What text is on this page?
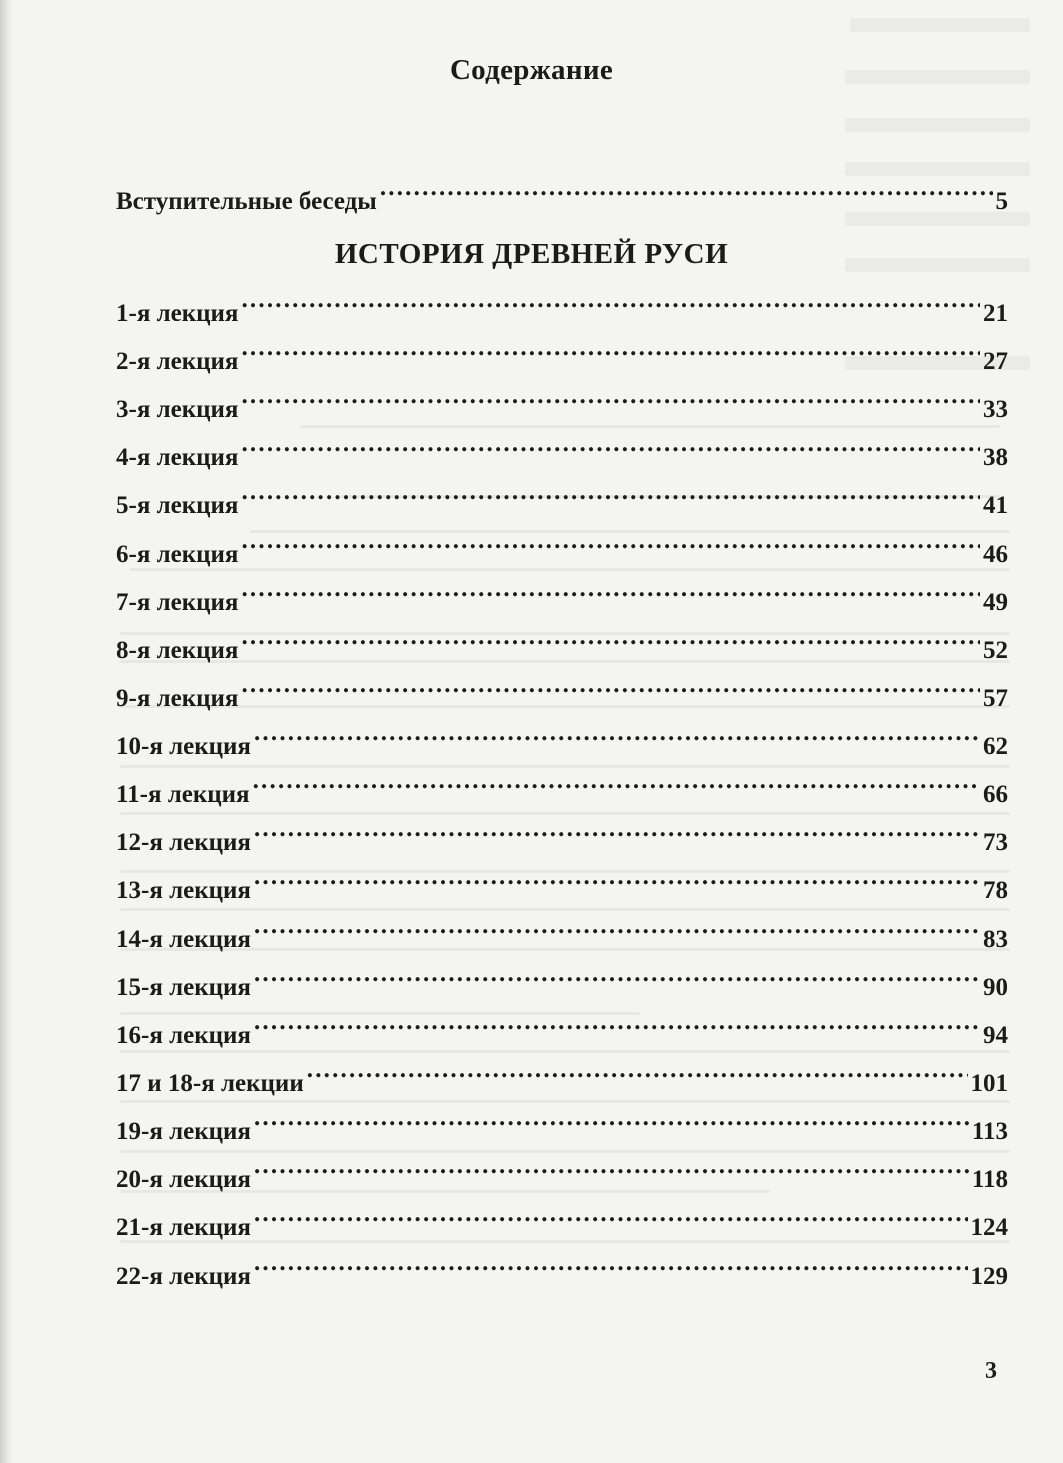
Содержание
Вступительные беседы .....	5
ИСТОРИЯ ДРЕВНЕЙ РУСИ
1-я лекция .....	21
2-я лекция .....	27
3-я лекция .....	33
4-я лекция .....	38
5-я лекция .....	41
6-я лекция .....	46
7-я лекция .....	49
8-я лекция .....	52
9-я лекция .....	57
10-я лекция .....	62
11-я лекция .....	66
12-я лекция .....	73
13-я лекция .....	78
14-я лекция .....	83
15-я лекция .....	90
16-я лекция .....	94
17 и 18-я лекции .....	101
19-я лекция .....	113
20-я лекция .....	118
21-я лекция .....	124
22-я лекция .....	129
3
